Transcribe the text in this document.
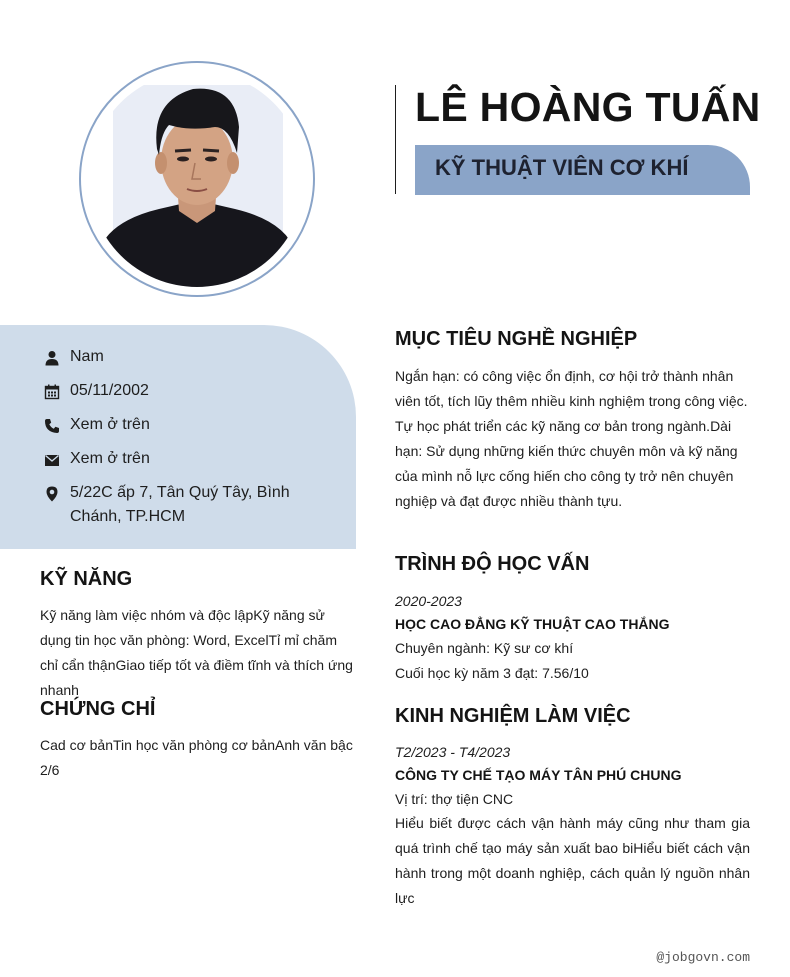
LÊ HOÀNG TUẤN
KỸ THUẬT VIÊN CƠ KHÍ
Nam
05/11/2002
Xem ở trên
Xem ở trên
5/22C ấp 7, Tân Quý Tây, Bình Chánh, TP.HCM
KỸ NĂNG
Kỹ năng làm việc nhóm và độc lậpKỹ năng sử dụng tin học văn phòng: Word, ExcelTỉ mỉ chăm chỉ cẩn thậnGiao tiếp tốt và điềm tĩnh và thích ứng nhanh
CHỨNG CHỈ
Cad cơ bảnTin học văn phòng cơ bảnAnh văn bậc 2/6
MỤC TIÊU NGHỀ NGHIỆP
Ngắn hạn: có công việc ổn định, cơ hội trở thành nhân viên tốt, tích lũy thêm nhiều kinh nghiệm trong công việc. Tự học phát triển các kỹ năng cơ bản trong ngành.Dài hạn: Sử dụng những kiến thức chuyên môn và kỹ năng của mình nỗ lực cống hiến cho công ty trở nên chuyên nghiệp và đạt được nhiều thành tựu.
TRÌNH ĐỘ HỌC VẤN
2020-2023
HỌC CAO ĐẲNG KỸ THUẬT CAO THẮNG
Chuyên ngành: Kỹ sư cơ khí
Cuối học kỳ năm 3 đạt: 7.56/10
KINH NGHIỆM LÀM VIỆC
T2/2023 - T4/2023
CÔNG TY CHẾ TẠO MÁY TÂN PHÚ CHUNG
Vị trí: thợ tiện CNC
Hiểu biết được cách vận hành máy cũng như tham gia quá trình chế tạo máy sản xuất bao biHiểu biết cách vận hành trong một doanh nghiệp, cách quản lý nguồn nhân lực
@jobgovn.com
